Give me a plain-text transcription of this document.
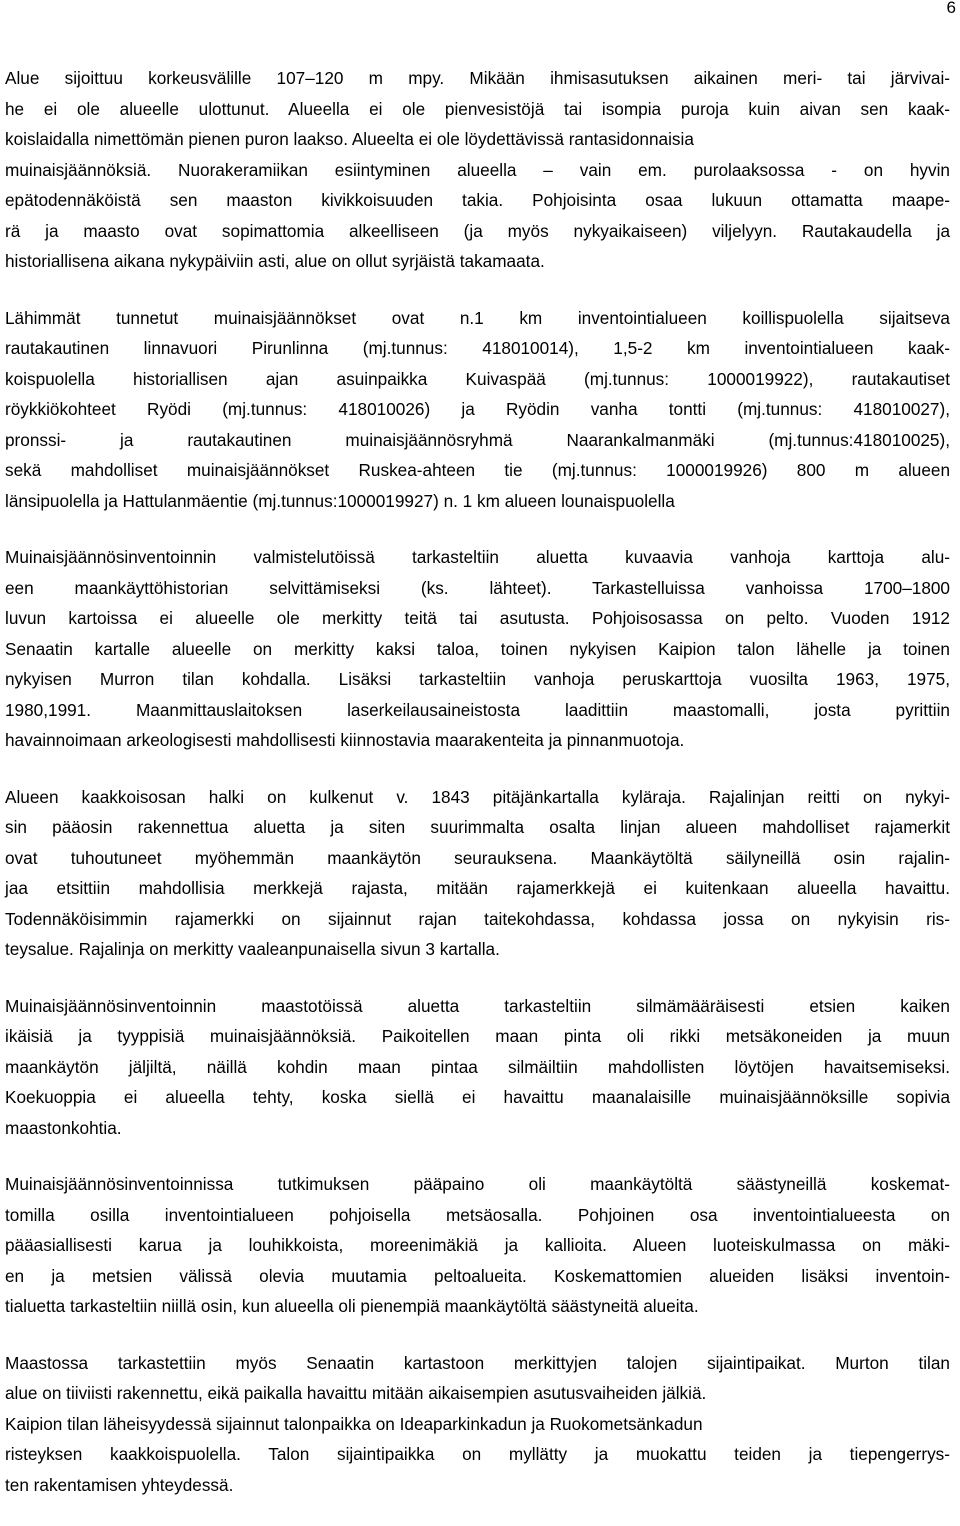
6
Alue sijoittuu korkeusvälille 107–120 m mpy. Mikään ihmisasutuksen aikainen meri- tai järvivai-
he ei ole alueelle ulottunut. Alueella ei ole pienvesistöjä tai isompia puroja kuin aivan sen kaak-
koislaidalla nimettömän pienen puron laakso. Alueelta ei ole löydettävissä rantasidonnaisia
muinaisjäännöksiä. Nuorakeramiikan esiintyminen alueella – vain em. purolaaksossa - on hyvin
epätodennäköistä sen maaston kivikkoisuuden takia. Pohjoisinta osaa lukuun ottamatta maape-
rä ja maasto ovat sopimattomia alkeelliseen (ja myös nykyaikaiseen) viljelyyn. Rautakaudella ja
historiallisena aikana nykypäiviin asti, alue on ollut syrjäistä takamaata.
Lähimmät tunnetut muinaisjäännökset ovat n.1 km inventointialueen koillispuolella sijaitseva
rautakautinen linnavuori Pirunlinna (mj.tunnus: 418010014), 1,5-2 km inventointialueen kaak-
koispuolella historiallisen ajan asuinpaikka Kuivaspää (mj.tunnus: 1000019922), rautakautiset
röykkiökohteet Ryödi (mj.tunnus: 418010026) ja Ryödin vanha tontti (mj.tunnus: 418010027),
pronssi- ja rautakautinen muinaisjäännösryhmä Naarankalmanmäki (mj.tunnus:418010025),
sekä mahdolliset muinaisjäännökset Ruskea-ahteen tie (mj.tunnus: 1000019926) 800 m alueen
länsipuolella ja Hattulanmäentie (mj.tunnus:1000019927) n. 1 km alueen lounaispuolella
Muinaisjäännösinventoinnin valmistelutöissä tarkasteltiin aluetta kuvaavia vanhoja karttoja alu-
een maankäyttöhistorian selvittämiseksi (ks. lähteet). Tarkastelluissa vanhoissa 1700–1800
luvun kartoissa ei alueelle ole merkitty teitä tai asutusta. Pohjoisosassa on pelto. Vuoden 1912
Senaatin kartalle alueelle on merkitty kaksi taloa, toinen nykyisen Kaipion talon lähelle ja toinen
nykyisen Murron tilan kohdalla. Lisäksi tarkasteltiin vanhoja peruskarttoja vuosilta 1963, 1975,
1980,1991. Maanmittauslaitoksen laserkeilausaineistosta laadittiin maastomalli, josta pyrittiin
havainnoimaan arkeologisesti mahdollisesti kiinnostavia maarakenteita ja pinnanmuotoja.
Alueen kaakkoisosan halki on kulkenut v. 1843 pitäjänkartalla kyläraja. Rajalinjan reitti on nykyi-
sin pääosin rakennettua aluetta ja siten suurimmalta osalta linjan alueen mahdolliset rajamerkit
ovat tuhoutuneet myöhemmän maankäytön seurauksena. Maankäytöltä säilyneillä osin rajalin-
jaa etsittiin mahdollisia merkkejä rajasta, mitään rajamerkkejä ei kuitenkaan alueella havaittu.
Todennäköisimmin rajamerkki on sijainnut rajan taitekohdassa, kohdassa jossa on nykyisin ris-
teysalue. Rajalinja on merkitty vaaleanpunaisella sivun 3 kartalla.
Muinaisjäännösinventoinnin maastotöissä aluetta tarkasteltiin silmämääräisesti etsien kaiken
ikäisiä ja tyyppisiä muinaisjäännöksiä. Paikoitellen maan pinta oli rikki metsäkoneiden ja muun
maankäytön jäljiltä, näillä kohdin maan pintaa silmäiltiin mahdollisten löytöjen havaitsemiseksi.
Koekuoppia ei alueella tehty, koska siellä ei havaittu maanalaisille muinaisjäännöksille sopivia
maastonkohtia.
Muinaisjäännösinventoinnissa tutkimuksen pääpaino oli maankäytöltä säästyneillä koskemat-
tomilla osilla inventointialueen pohjoisella metsäosalla. Pohjoinen osa inventointialueesta on
pääasiallisesti karua ja louhikkoista, moreenimäkiä ja kallioita. Alueen luoteiskulmassa on mäki-
en ja metsien välissä olevia muutamia peltoalueita. Koskemattomien alueiden lisäksi inventoin-
tialuetta tarkasteltiin niillä osin, kun alueella oli pienempiä maankäytöltä säästyneitä alueita.
Maastossa tarkastettiin myös Senaatin kartastoon merkittyjen talojen sijaintipaikat. Murton tilan
alue on tiiviisti rakennettu, eikä paikalla havaittu mitään aikaisempien asutusvaiheiden jälkiä.
Kaipion tilan läheisyydessä sijainnut talonpaikka on Ideaparkinkadun ja Ruokometsänkadun
risteyksen kaakkoispuolella. Talon sijaintipaikka on myllätty ja muokattu teiden ja tiepengerrys-
ten rakentamisen yhteydessä.
